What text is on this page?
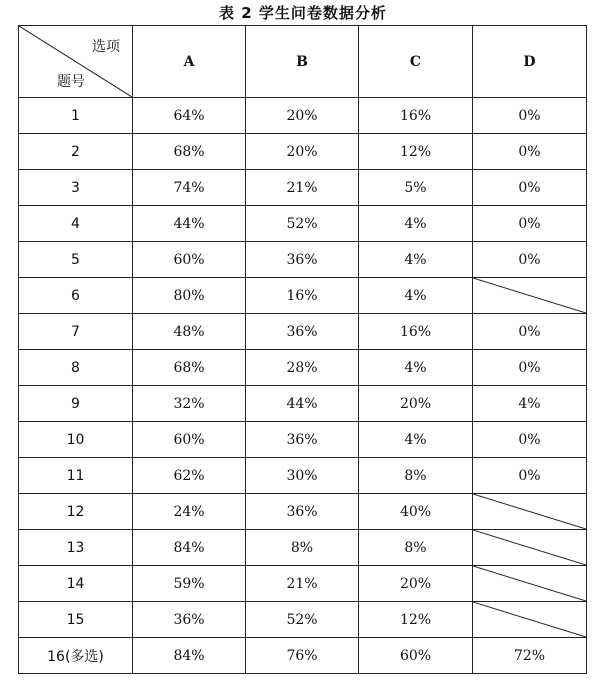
表 2 学生问卷数据分析
选项
题号	A	B	C	D
1	64%	20%	16%	0%
2	68%	20%	12%	0%
3	74%	21%	5%	0%
4	44%	52%	4%	0%
5	60%	36%	4%	0%
6	80%	16%	4%	

7	48%	36%	16%	0%
8	68%	28%	4%	0%
9	32%	44%	20%	4%
10	60%	36%	4%	0%
11	62%	30%	8%	0%
12	24%	36%	40%	

13	84%	8%	8%	

14	59%	21%	20%	

15	36%	52%	12%	

16(多选)	84%	76%	60%	72%
